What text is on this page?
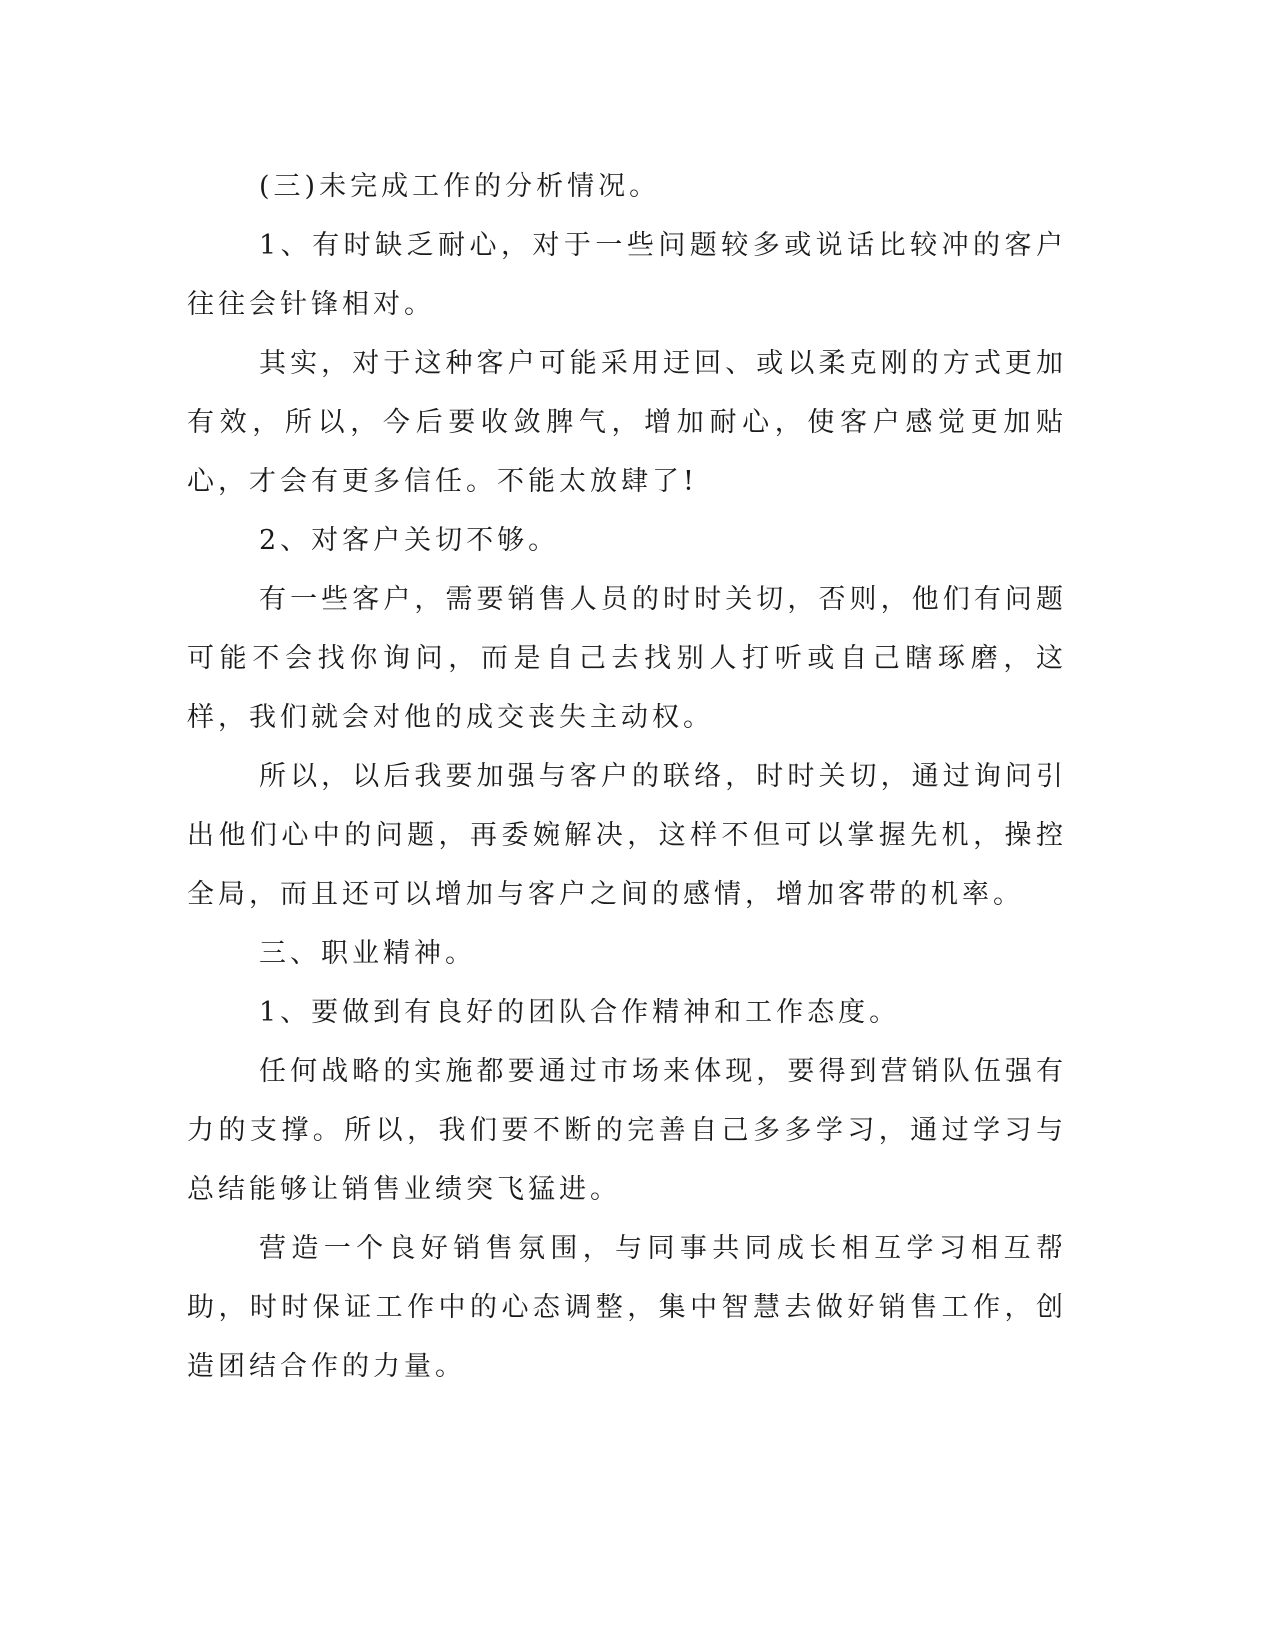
(三)未完成工作的分析情况。

1、有时缺乏耐心，对于一些问题较多或说话比较冲的客户往往会针锋相对。

其实，对于这种客户可能采用迂回、或以柔克刚的方式更加有效，所以，今后要收敛脾气，增加耐心，使客户感觉更加贴心，才会有更多信任。不能太放肆了!

2、对客户关切不够。

有一些客户，需要销售人员的时时关切，否则，他们有问题可能不会找你询问，而是自己去找别人打听或自己瞎琢磨，这样，我们就会对他的成交丧失主动权。

所以，以后我要加强与客户的联络，时时关切，通过询问引出他们心中的问题，再委婉解决，这样不但可以掌握先机，操控全局，而且还可以增加与客户之间的感情，增加客带的机率。

三、职业精神。

1、要做到有良好的团队合作精神和工作态度。

任何战略的实施都要通过市场来体现，要得到营销队伍强有力的支撑。所以，我们要不断的完善自己多多学习，通过学习与总结能够让销售业绩突飞猛进。

营造一个良好销售氛围，与同事共同成长相互学习相互帮助，时时保证工作中的心态调整，集中智慧去做好销售工作，创造团结合作的力量。
